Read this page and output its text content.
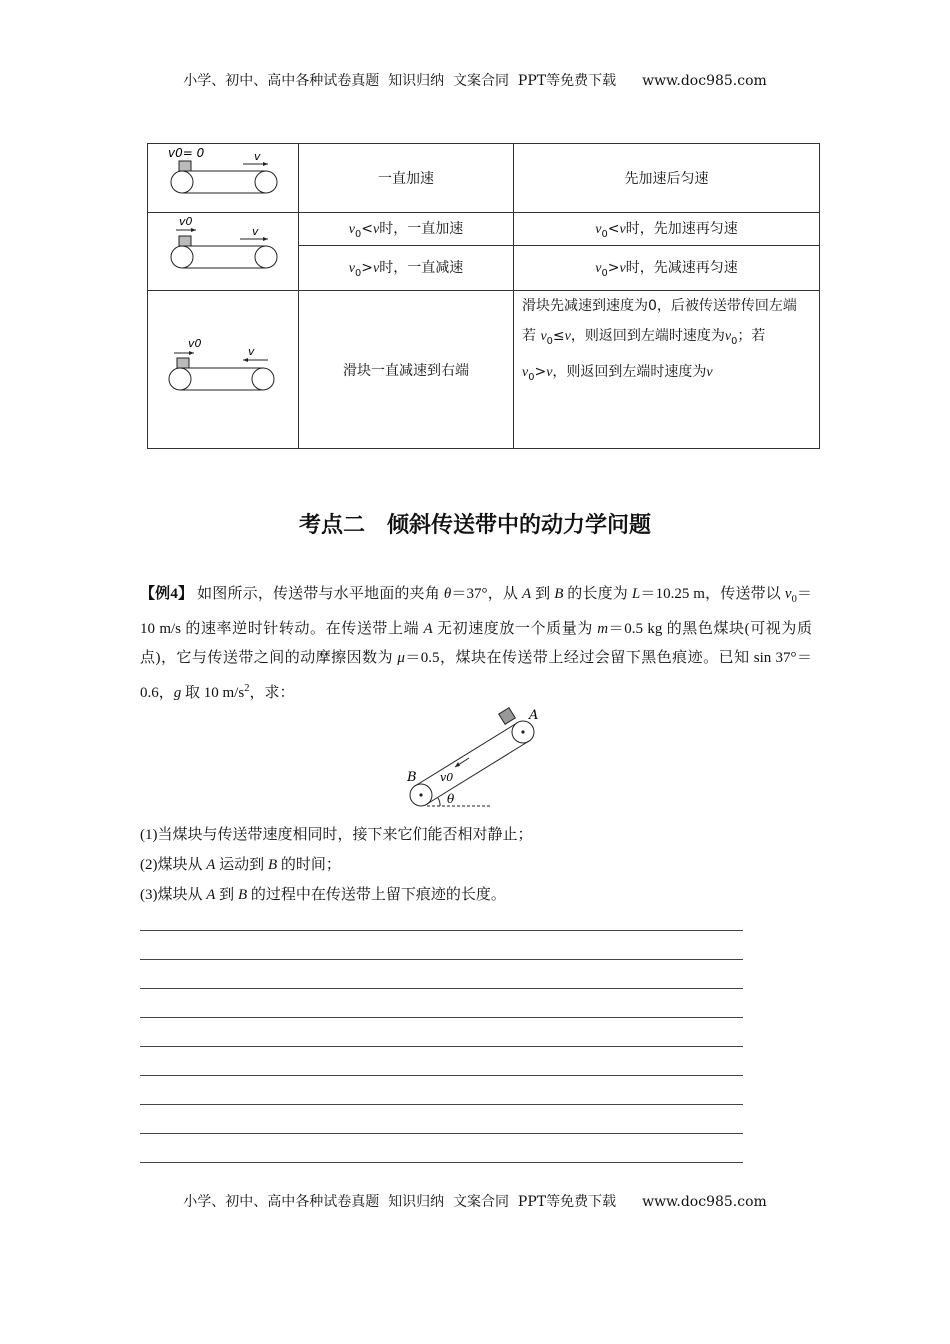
小学、初中、高中各种试卷真题  知识归纳  文案合同  PPT等免费下载 www.doc985.com
v0= 0 v	一直加速	先加速后匀速

v0
v	$v_0<v$时，一直加速	$v_0<v$时，先加速再匀速
	$v_0>v$时，一直减速	$v_0>v$时，先减速再匀速

v0
v	滑块一直减速到右端	滑块先减速到速度为0，后被传送带传回左端
若 $v_0\le v$，则返回到左端时速度为$v_0$；若 $v_0>v$，则返回到左端时速度为v
考点二　倾斜传送带中的动力学问题
【例4】 如图所示，传送带与水平地面的夹角 θ＝37°，从 A 到 B 的长度为 L＝10.25 m，传送带以 $v_0=10$ m/s 的速率逆时针转动。在传送带上端 A 无初速度放一个质量为 m＝0.5 kg 的黑色煤块(可视为质点)，它与传送带之间的动摩擦因数为 μ＝0.5，煤块在传送带上经过会留下黑色痕迹。已知 sin 37°＝0.6，g 取 10 $m/s^2$，求：
A
B v0
θ
(1)当煤块与传送带速度相同时，接下来它们能否相对静止；
(2)煤块从 A 运动到 B 的时间；
(3)煤块从 A 到 B 的过程中在传送带上留下痕迹的长度。
小学、初中、高中各种试卷真题  知识归纳  文案合同  PPT等免费下载 www.doc985.com
